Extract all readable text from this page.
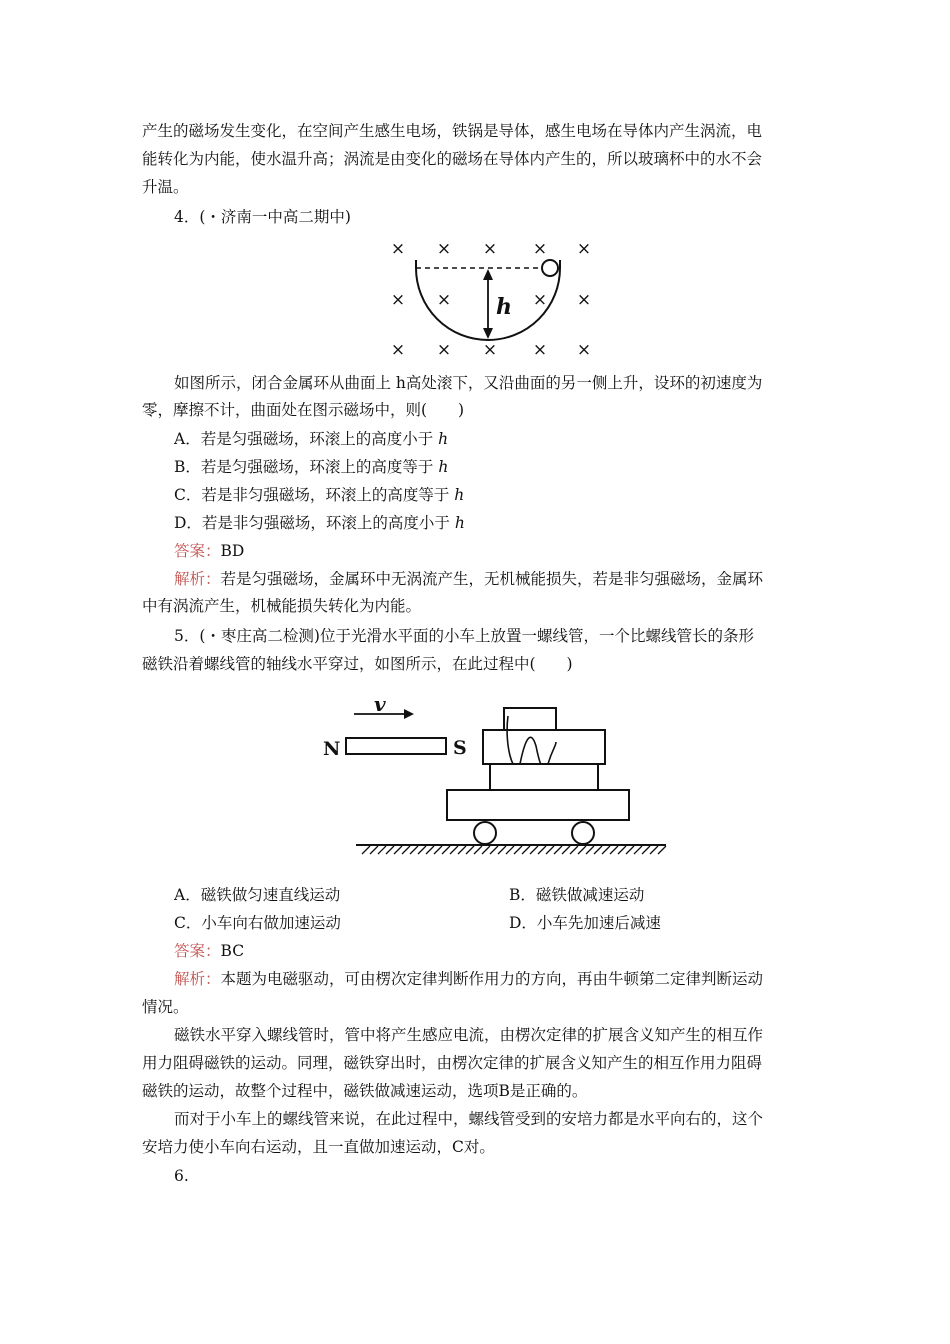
产生的磁场发生变化，在空间产生感生电场，铁锅是导体，感生电场在导体内产生涡流，电
能转化为内能，使水温升高；涡流是由变化的磁场在导体内产生的，所以玻璃杯中的水不会
升温。
4．(・济南一中高二期中)
× × × × ×
× ×	× ×
× × × × ×
h
如图所示，闭合金属环从曲面上 h高处滚下，又沿曲面的另一侧上升，设环的初速度为
零，摩擦不计，曲面处在图示磁场中，则(　　)
A．若是匀强磁场，环滚上的高度小于 h
B．若是匀强磁场，环滚上的高度等于 h
C．若是非匀强磁场，环滚上的高度等于 h
D．若是非匀强磁场，环滚上的高度小于 h
答案：BD
解析：若是匀强磁场，金属环中无涡流产生，无机械能损失，若是非匀强磁场，金属环
中有涡流产生，机械能损失转化为内能。
5．(・枣庄高二检测)位于光滑水平面的小车上放置一螺线管，一个比螺线管长的条形
磁铁沿着螺线管的轴线水平穿过，如图所示，在此过程中(　　)
v
N	S
A．磁铁做匀速直线运动	B．磁铁做减速运动
C．小车向右做加速运动	D．小车先加速后减速
答案：BC
解析：本题为电磁驱动，可由楞次定律判断作用力的方向，再由牛顿第二定律判断运动
情况。
磁铁水平穿入螺线管时，管中将产生感应电流，由楞次定律的扩展含义知产生的相互作
用力阻碍磁铁的运动。同理，磁铁穿出时，由楞次定律的扩展含义知产生的相互作用力阻碍
磁铁的运动，故整个过程中，磁铁做减速运动，选项B是正确的。
而对于小车上的螺线管来说，在此过程中，螺线管受到的安培力都是水平向右的，这个
安培力使小车向右运动，且一直做加速运动，C对。
6.
